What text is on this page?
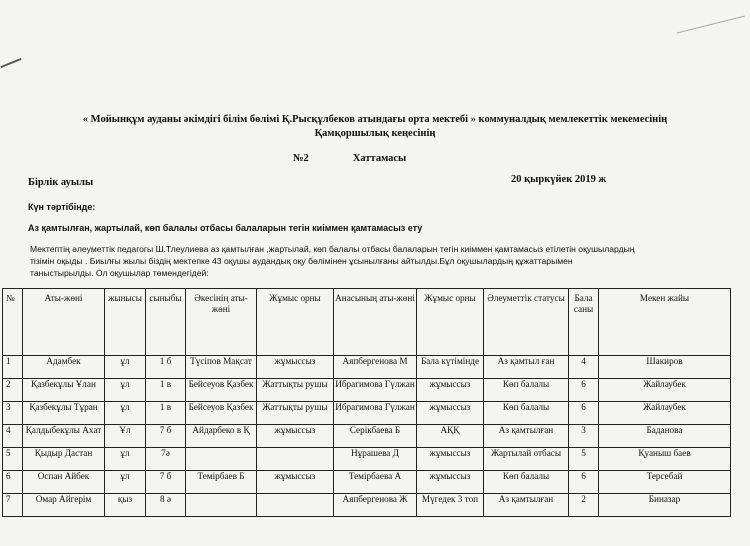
« Мойынқұм ауданы әкімдігі білім бөлімі Қ.Рысқұлбеков атындағы орта мектебі » коммуналдық мемлекеттік мекемесінің
Қамқоршылық кеңесінің
№2	Хаттамасы
Бірлік ауылы	20 қыркүйек 2019 ж
Күн тәртібінде:
Аз қамтылған, жартылай, көп балалы отбасы балаларын тегін киіммен қамтамасыз ету
Мектептің әлеуметтік педагогы Ш.Тлеулиева аз қамтылған ,жартылай, көп балалы отбасы балаларын тегін киіммен қамтамасыз етілетін оқушылардың
тізімін оқыды . Биылғы жылы біздің мектепке 43 оқушы аудандық оқу бөлімінен ұсынылғаны айтылды.Бұл оқушылардың құжаттарымен
таныстырылды. Ол оқушылар төмендегідей:
№	Аты-жөні	жынысы	сыныбы	Әкесінің аты-жөні	Жұмыс орны	Анасының аты-жөні	Жұмыс орны	Әлеуметтік статусы	Бала саны	Мекен жайы
1	Адамбек	ұл	1 б	Түсіпов Мақсат	жұмыссыз	Аяпбергенова М	Бала күтімінде	Аз қамтыл ған	4	Шакиров
2	Қазбекұлы Ұлан	ұл	1 в	Бейсеуов Қазбек	Жаттықты рушы	Ибрагимова Гүлжан	жұмыссыз	Көп балалы	6	Жайлаубек
3	Қазбекұлы Тұран	ұл	1 в	Бейсеуов Қазбек	Жаттықты рушы	Ибрагимова Гүлжан	жұмыссыз	Көп балалы	6	Жайлаубек
4	Қалдыбекұлы Ахат	Ұл	7 б	Айдарбеко в Қ	жұмыссыз	Серікбаева Б	АҚҚ	Аз қамтылған	3	Баданова
5	Қыдыр Дастан	ұл	7ә			Нұрашева Д	жұмыссыз	Жартылай отбасы	5	Қуаныш баев
6	Оспан Айбек	ұл	7 б	Темірбаев Б	жұмыссыз	Темірбаева А	жұмыссыз	Көп балалы	6	Терсебай
7	Омар Айгерім	қыз	8 ә			Аяпбергенова Ж	Мүгедек 3 топ	Аз қамтылған	2	Биназар
